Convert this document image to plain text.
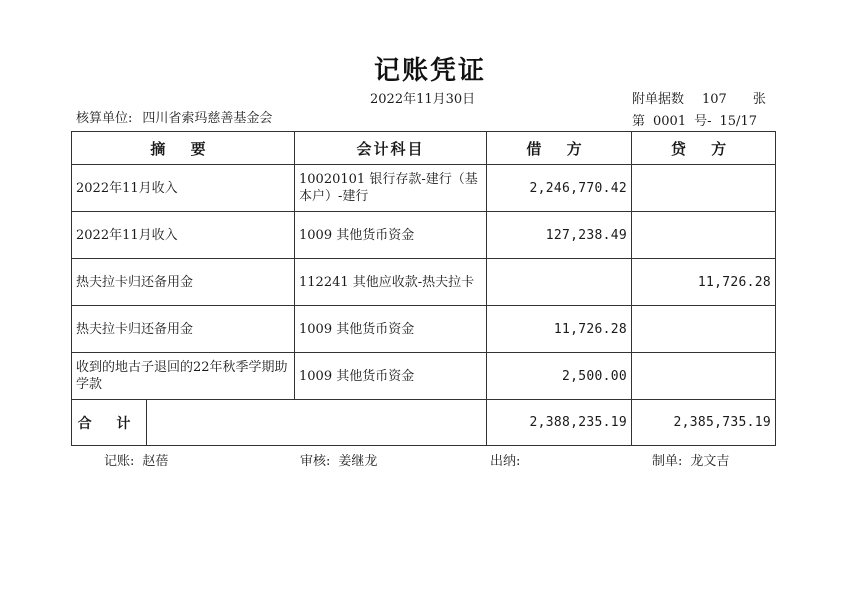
记账凭证
2022年11月30日	附单据数 107 张
第 0001 号- 15/17
核算单位: 四川省索玛慈善基金会
摘 要		会计科目	借 方	贷 方
2022年11月收入		10020101 银行存款-建行（基本户）-建行	2,246,770.42	
2022年11月收入		1009 其他货币资金	127,238.49	
热夫拉卡归还备用金		112241 其他应收款-热夫拉卡		11,726.28
热夫拉卡归还备用金		1009 其他货币资金	11,726.28	
收到的地古子退回的22年秋季学期助学款		1009 其他货币资金	2,500.00	
合 计			2,388,235.19	2,385,735.19
记账: 赵蓓	审核: 姜继龙	出纳:	制单: 龙文吉
